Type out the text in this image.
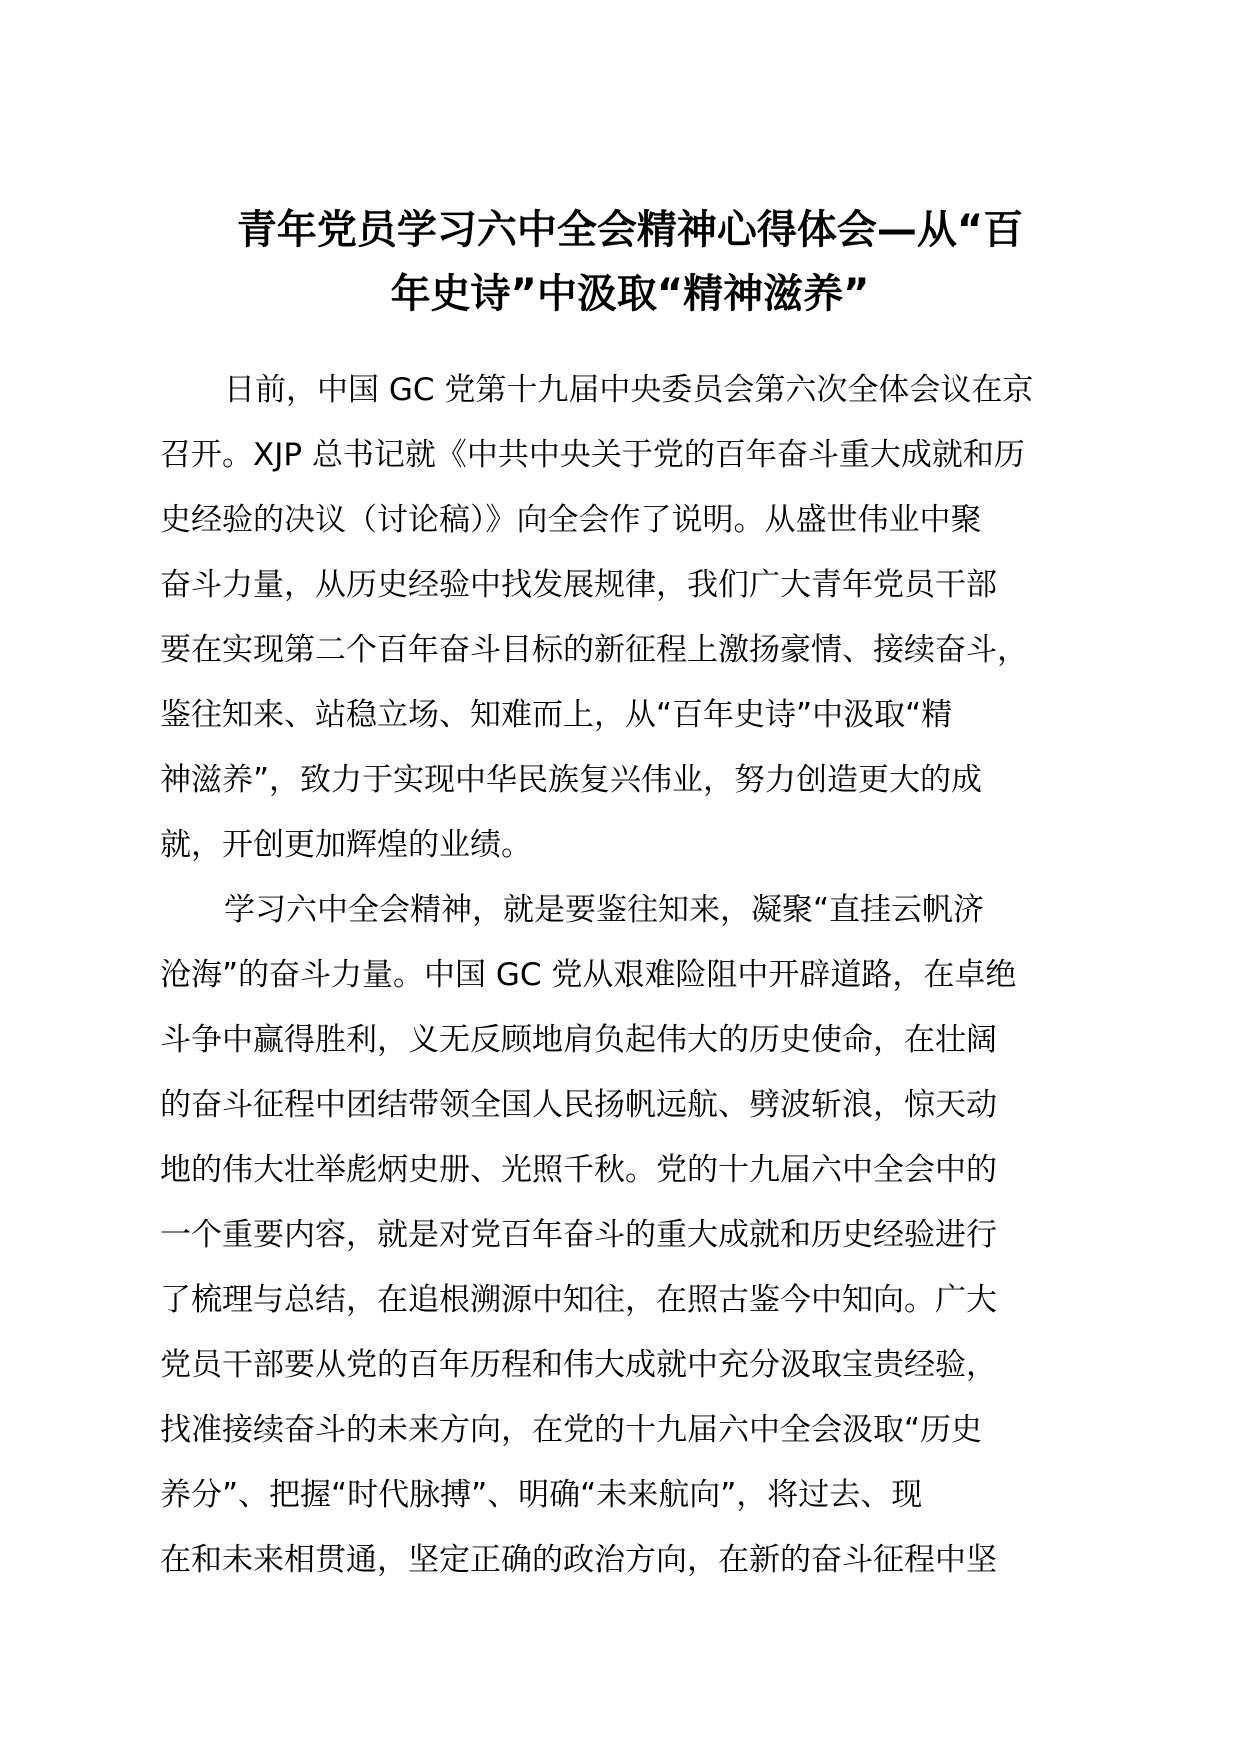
青年党员学习六中全会精神心得体会—从“百
年史诗”中汲取“精神滋养”
日前，中国 GC 党第十九届中央委员会第六次全体会议在京
召开。XJP 总书记就《中共中央关于党的百年奋斗重大成就和历
史经验的决议（讨论稿）》向全会作了说明。从盛世伟业中聚
奋斗力量，从历史经验中找发展规律，我们广大青年党员干部
要在实现第二个百年奋斗目标的新征程上激扬豪情、接续奋斗，
鉴往知来、站稳立场、知难而上，从“百年史诗”中汲取“精
神滋养”，致力于实现中华民族复兴伟业，努力创造更大的成
就，开创更加辉煌的业绩。
学习六中全会精神，就是要鉴往知来，凝聚“直挂云帆济
沧海”的奋斗力量。中国 GC 党从艰难险阻中开辟道路，在卓绝
斗争中赢得胜利，义无反顾地肩负起伟大的历史使命，在壮阔
的奋斗征程中团结带领全国人民扬帆远航、劈波斩浪，惊天动
地的伟大壮举彪炳史册、光照千秋。党的十九届六中全会中的
一个重要内容，就是对党百年奋斗的重大成就和历史经验进行
了梳理与总结，在追根溯源中知往，在照古鉴今中知向。广大
党员干部要从党的百年历程和伟大成就中充分汲取宝贵经验，
找准接续奋斗的未来方向，在党的十九届六中全会汲取“历史
养分”、把握“时代脉搏”、明确“未来航向”，将过去、现
在和未来相贯通，坚定正确的政治方向，在新的奋斗征程中坚
